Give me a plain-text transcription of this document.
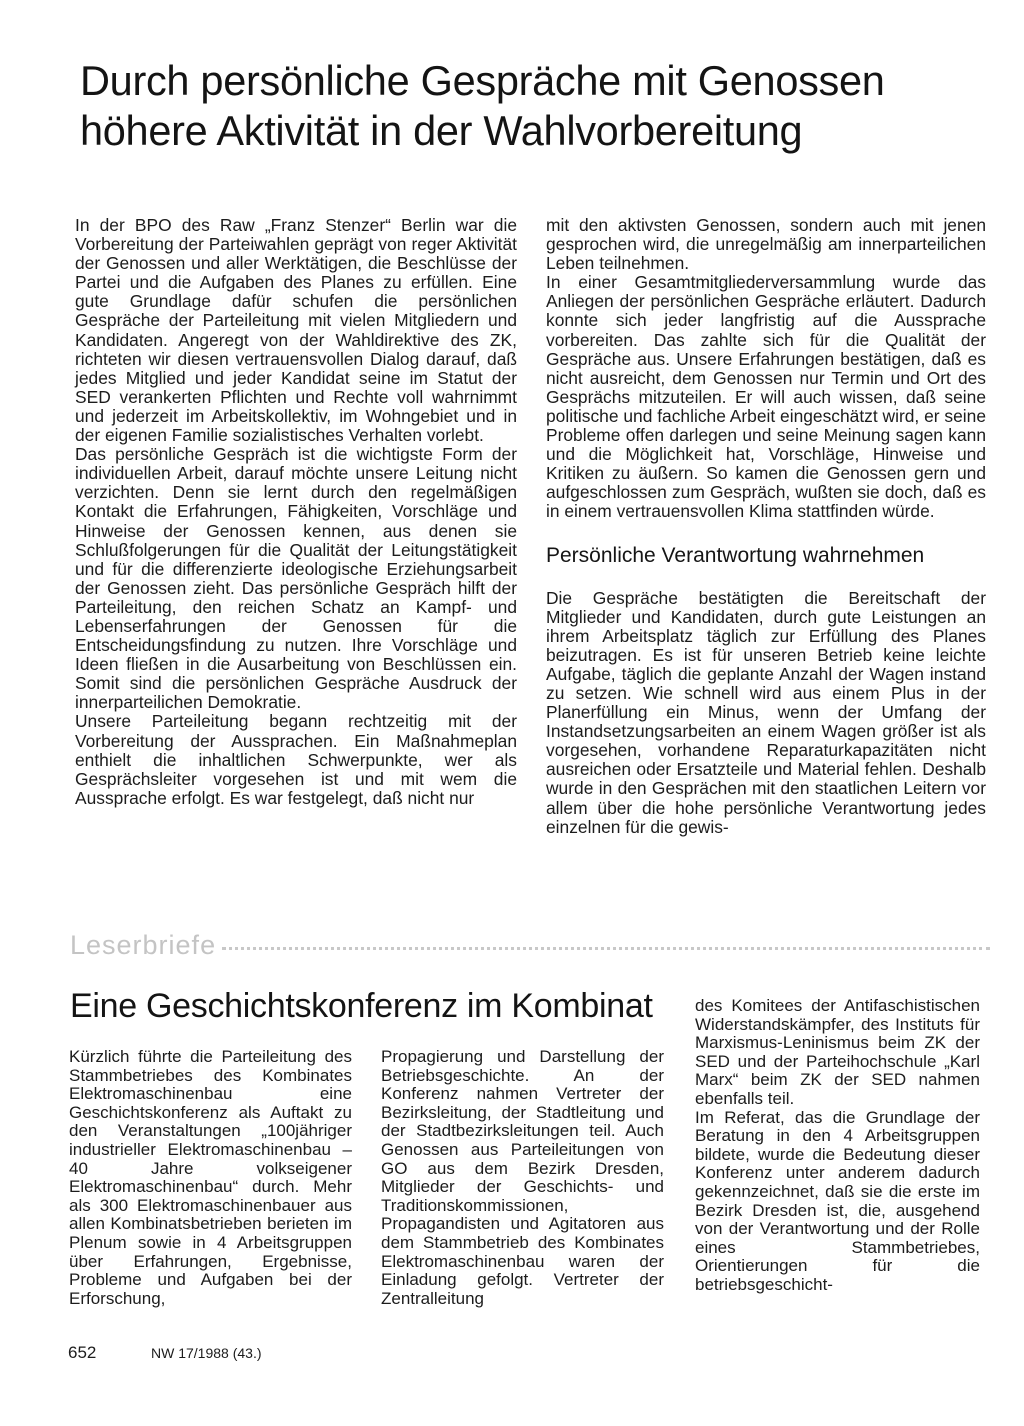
Durch persönliche Gespräche mit Genossen
höhere Aktivität in der Wahlvorbereitung

In der BPO des Raw „Franz Stenzer“ Berlin war die Vorbereitung der Parteiwahlen geprägt von reger Aktivität der Genossen und aller Werktätigen, die Beschlüsse der Partei und die Aufgaben des Planes zu erfüllen. Eine gute Grundlage dafür schufen die persönlichen Gespräche der Parteileitung mit vielen Mitgliedern und Kandidaten. Angeregt von der Wahldirektive des ZK, richteten wir diesen vertrauensvollen Dialog darauf, daß jedes Mitglied und jeder Kandidat seine im Statut der SED verankerten Pflichten und Rechte voll wahrnimmt und jederzeit im Arbeitskollektiv, im Wohngebiet und in der eigenen Familie sozialistisches Verhalten vorlebt.

Das persönliche Gespräch ist die wichtigste Form der individuellen Arbeit, darauf möchte unsere Leitung nicht verzichten. Denn sie lernt durch den regelmäßigen Kontakt die Erfahrungen, Fähigkeiten, Vorschläge und Hinweise der Genossen kennen, aus denen sie Schlußfolgerungen für die Qualität der Leitungstätigkeit und für die differenzierte ideologische Erziehungsarbeit der Genossen zieht. Das persönliche Gespräch hilft der Parteileitung, den reichen Schatz an Kampf- und Lebenserfahrungen der Genossen für die Entscheidungsfindung zu nutzen. Ihre Vorschläge und Ideen fließen in die Ausarbeitung von Beschlüssen ein. Somit sind die persönlichen Gespräche Ausdruck der innerparteilichen Demokratie.

Unsere Parteileitung begann rechtzeitig mit der Vorbereitung der Aussprachen. Ein Maßnahmeplan enthielt die inhaltlichen Schwerpunkte, wer als Gesprächsleiter vorgesehen ist und mit wem die Aussprache erfolgt. Es war festgelegt, daß nicht nur

mit den aktivsten Genossen, sondern auch mit jenen gesprochen wird, die unregelmäßig am innerparteilichen Leben teilnehmen.

In einer Gesamtmitgliederversammlung wurde das Anliegen der persönlichen Gespräche erläutert. Dadurch konnte sich jeder langfristig auf die Aussprache vorbereiten. Das zahlte sich für die Qualität der Gespräche aus. Unsere Erfahrungen bestätigen, daß es nicht ausreicht, dem Genossen nur Termin und Ort des Gesprächs mitzuteilen. Er will auch wissen, daß seine politische und fachliche Arbeit eingeschätzt wird, er seine Probleme offen darlegen und seine Meinung sagen kann und die Möglichkeit hat, Vorschläge, Hinweise und Kritiken zu äußern. So kamen die Genossen gern und aufgeschlossen zum Gespräch, wußten sie doch, daß es in einem vertrauensvollen Klima stattfinden würde.

Persönliche Verantwortung wahrnehmen

Die Gespräche bestätigten die Bereitschaft der Mitglieder und Kandidaten, durch gute Leistungen an ihrem Arbeitsplatz täglich zur Erfüllung des Planes beizutragen. Es ist für unseren Betrieb keine leichte Aufgabe, täglich die geplante Anzahl der Wagen instand zu setzen. Wie schnell wird aus einem Plus in der Planerfüllung ein Minus, wenn der Umfang der Instandsetzungsarbeiten an einem Wagen größer ist als vorgesehen, vorhandene Reparaturkapazitäten nicht ausreichen oder Ersatzteile und Material fehlen. Deshalb wurde in den Gesprächen mit den staatlichen Leitern vor allem über die hohe persönliche Verantwortung jedes einzelnen für die gewis-

Leserbriefe
Eine Geschichtskonferenz im Kombinat

Kürzlich führte die Parteileitung des Stammbetriebes des Kombinates Elektromaschinenbau eine Geschichtskonferenz als Auftakt zu den Veranstaltungen „100jähriger industrieller Elektromaschinenbau – 40 Jahre volkseigener Elektromaschinenbau“ durch. Mehr als 300 Elektromaschinenbauer aus allen Kombinatsbetrieben berieten im Plenum sowie in 4 Arbeitsgruppen über Erfahrungen, Ergebnisse, Probleme und Aufgaben bei der Erforschung,

Propagierung und Darstellung der Betriebsgeschichte. An der Konferenz nahmen Vertreter der Bezirksleitung, der Stadtleitung und der Stadtbezirksleitungen teil. Auch Genossen aus Parteileitungen von GO aus dem Bezirk Dresden, Mitglieder der Geschichts- und Traditionskommissionen, Propagandisten und Agitatoren aus dem Stammbetrieb des Kombinates Elektromaschinenbau waren der Einladung gefolgt. Vertreter der Zentralleitung

des Komitees der Antifaschistischen Widerstandskämpfer, des Instituts für Marxismus-Leninismus beim ZK der SED und der Parteihochschule „Karl Marx“ beim ZK der SED nahmen ebenfalls teil.

Im Referat, das die Grundlage der Beratung in den 4 Arbeitsgruppen bildete, wurde die Bedeutung dieser Konferenz unter anderem dadurch gekennzeichnet, daß sie die erste im Bezirk Dresden ist, die, ausgehend von der Verantwortung und der Rolle eines Stammbetriebes, Orientierungen für die betriebsgeschicht-

652	NW 17/1988 (43.)
